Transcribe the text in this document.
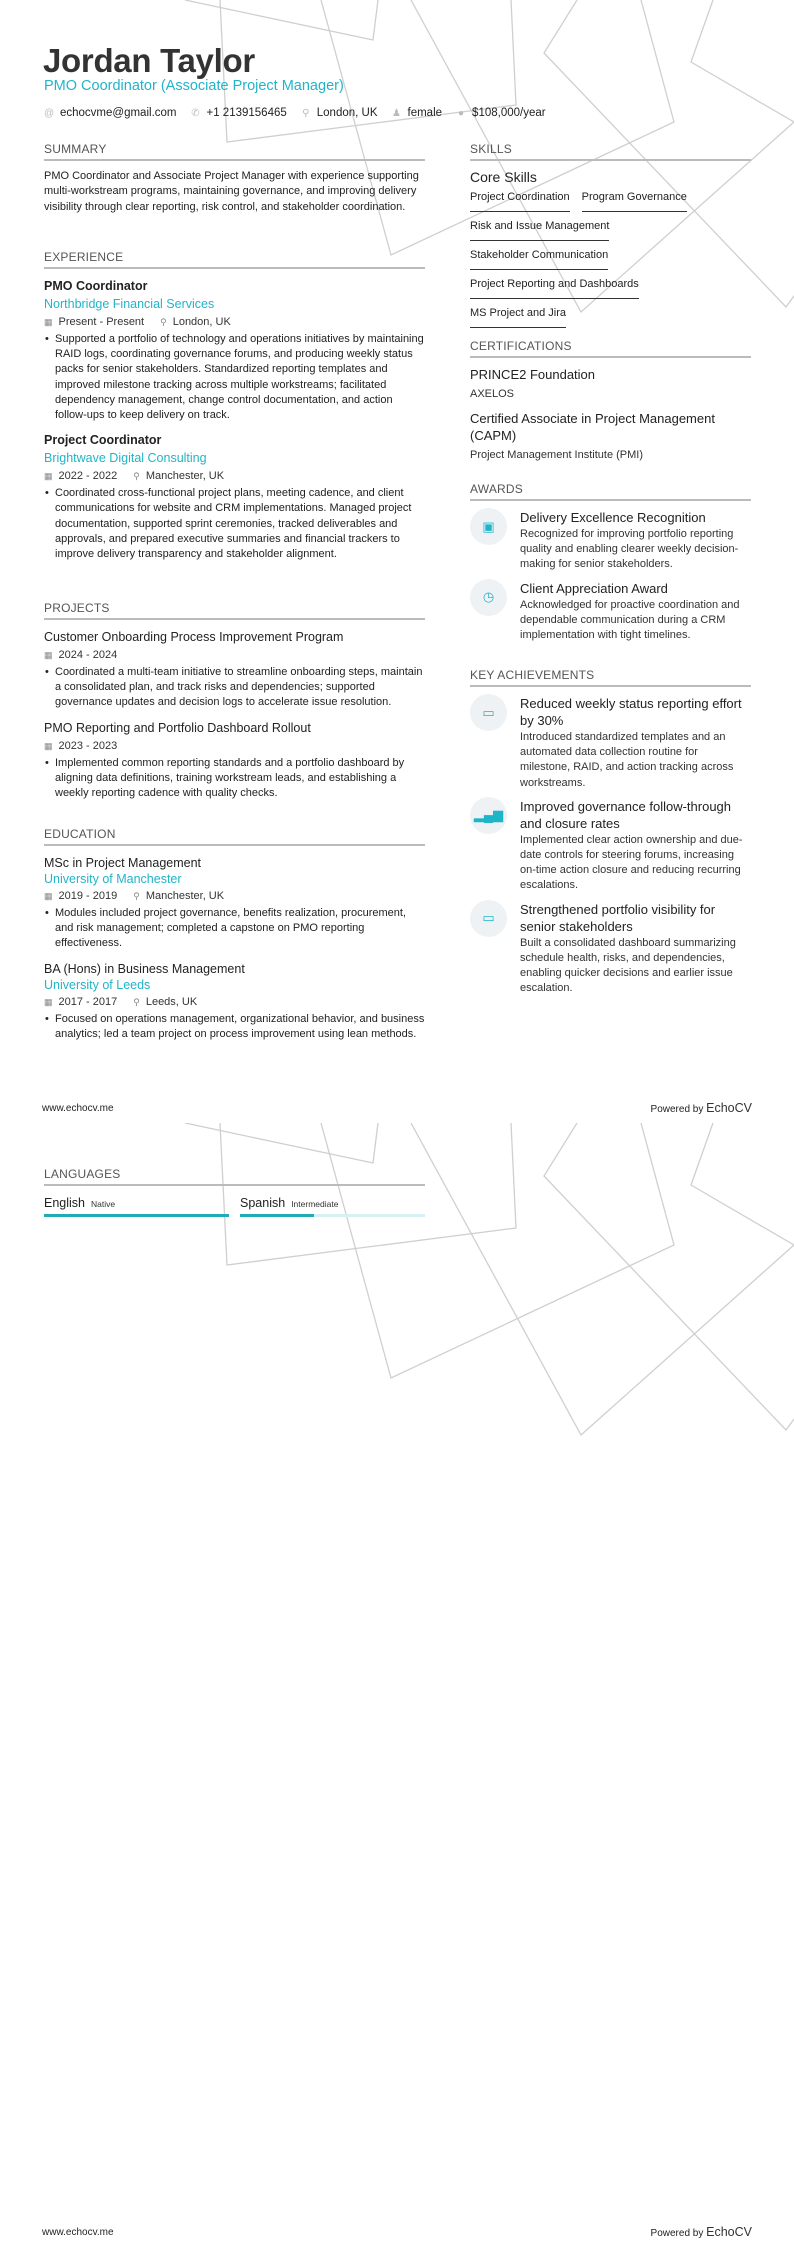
Jordan Taylor
PMO Coordinator (Associate Project Manager)
@ echocvme@gmail.com ✆ +1 2139156465 ⚲ London, UK ♟ female ● $108,000/year
SUMMARY
PMO Coordinator and Associate Project Manager with experience supporting multi-workstream programs, maintaining governance, and improving delivery visibility through clear reporting, risk control, and stakeholder coordination.
EXPERIENCE
PMO Coordinator
Northbridge Financial Services
▦ Present - Present ⚲ London, UK
• Supported a portfolio of technology and operations initiatives by maintaining RAID logs, coordinating governance forums, and producing weekly status packs for senior stakeholders. Standardized reporting templates and improved milestone tracking across multiple workstreams; facilitated dependency management, change control documentation, and action follow-ups to keep delivery on track.
Project Coordinator
Brightwave Digital Consulting
▦ 2022 - 2022 ⚲ Manchester, UK
• Coordinated cross-functional project plans, meeting cadence, and client communications for website and CRM implementations. Managed project documentation, supported sprint ceremonies, tracked deliverables and approvals, and prepared executive summaries and financial trackers to improve delivery transparency and stakeholder alignment.
PROJECTS
Customer Onboarding Process Improvement Program
▦ 2024 - 2024
• Coordinated a multi-team initiative to streamline onboarding steps, maintain a consolidated plan, and track risks and dependencies; supported governance updates and decision logs to accelerate issue resolution.
PMO Reporting and Portfolio Dashboard Rollout
▦ 2023 - 2023
• Implemented common reporting standards and a portfolio dashboard by aligning data definitions, training workstream leads, and establishing a weekly reporting cadence with quality checks.
EDUCATION
MSc in Project Management
University of Manchester
▦ 2019 - 2019 ⚲ Manchester, UK
• Modules included project governance, benefits realization, procurement, and risk management; completed a capstone on PMO reporting effectiveness.
BA (Hons) in Business Management
University of Leeds
▦ 2017 - 2017 ⚲ Leeds, UK
• Focused on operations management, organizational behavior, and business analytics; led a team project on process improvement using lean methods.
SKILLS
Core Skills
Project Coordination Program Governance
Risk and Issue Management
Stakeholder Communication
Project Reporting and Dashboards
MS Project and Jira
CERTIFICATIONS
PRINCE2 Foundation
AXELOS
Certified Associate in Project Management (CAPM)
Project Management Institute (PMI)
AWARDS
▣
Delivery Excellence Recognition
Recognized for improving portfolio reporting quality and enabling clearer weekly decision-making for senior stakeholders.
◷
Client Appreciation Award
Acknowledged for proactive coordination and dependable communication during a CRM implementation with tight timelines.
KEY ACHIEVEMENTS
▭
Reduced weekly status reporting effort by 30%
Introduced standardized templates and an automated data collection routine for milestone, RAID, and action tracking across workstreams.
▂▄▆
Improved governance follow-through and closure rates
Implemented clear action ownership and due-date controls for steering forums, increasing on-time action closure and reducing recurring escalations.
▭
Strengthened portfolio visibility for senior stakeholders
Built a consolidated dashboard summarizing schedule health, risks, and dependencies, enabling quicker decisions and earlier issue escalation.
www.echocv.me	Powered by EchoCV
LANGUAGES
English Native	Spanish Intermediate
www.echocv.me	Powered by EchoCV
